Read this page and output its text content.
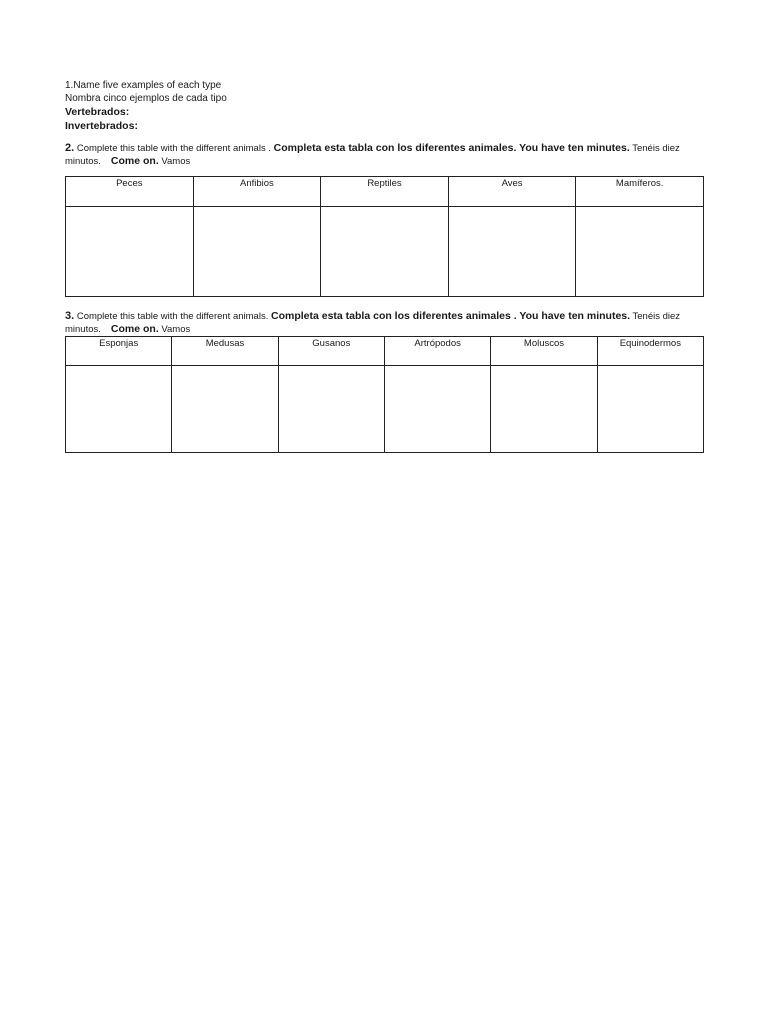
1.Name five examples of each type
Nombra cinco ejemplos de cada tipo
Vertebrados:
Invertebrados:
2. Complete this table with the different animals . Completa esta tabla con los diferentes animales. You have ten minutes. Tenéis diez
minutos. Come on. Vamos
Peces	Anfibios	Reptiles	Aves	Mamíferos.

3. Complete this table with the different animals. Completa esta tabla con los diferentes animales . You have ten minutes. Tenéis diez
minutos. Come on. Vamos
Esponjas	Medusas	Gusanos	Artrópodos	Moluscos	Equinodermos
